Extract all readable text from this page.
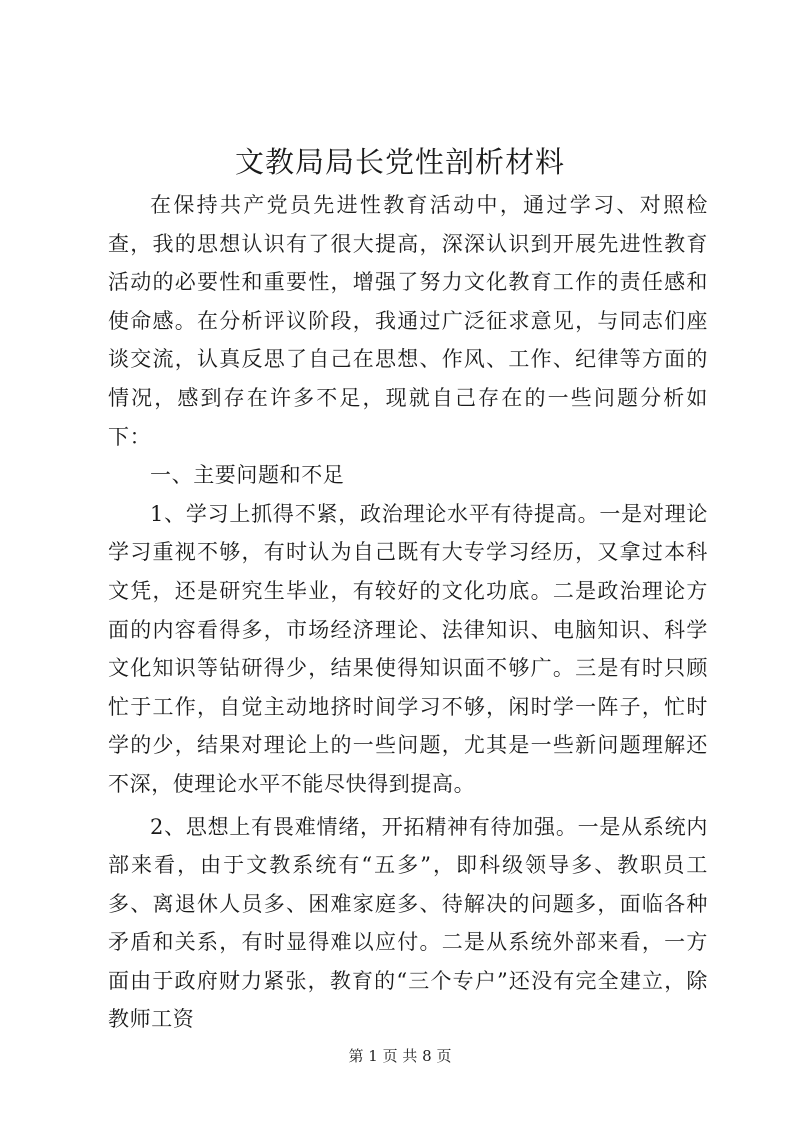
文教局局长党性剖析材料

在保持共产党员先进性教育活动中，通过学习、对照检查，我的思想认识有了很大提高，深深认识到开展先进性教育活动的必要性和重要性，增强了努力文化教育工作的责任感和使命感。在分析评议阶段，我通过广泛征求意见，与同志们座谈交流，认真反思了自己在思想、作风、工作、纪律等方面的情况，感到存在许多不足，现就自己存在的一些问题分析如下：

一、主要问题和不足

1、学习上抓得不紧，政治理论水平有待提高。一是对理论学习重视不够，有时认为自己既有大专学习经历，又拿过本科文凭，还是研究生毕业，有较好的文化功底。二是政治理论方面的内容看得多，市场经济理论、法律知识、电脑知识、科学文化知识等钻研得少，结果使得知识面不够广。三是有时只顾忙于工作，自觉主动地挤时间学习不够，闲时学一阵子，忙时学的少，结果对理论上的一些问题，尤其是一些新问题理解还不深，使理论水平不能尽快得到提高。

2、思想上有畏难情绪，开拓精神有待加强。一是从系统内部来看，由于文教系统有“五多”，即科级领导多、教职员工多、离退休人员多、困难家庭多、待解决的问题多，面临各种矛盾和关系，有时显得难以应付。二是从系统外部来看，一方面由于政府财力紧张，教育的“三个专户”还没有完全建立，除教师工资

第 1 页 共 8 页
